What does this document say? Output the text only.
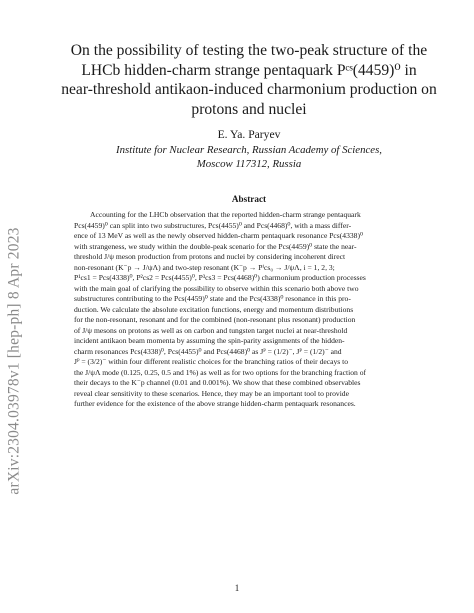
arXiv:2304.03978v1 [hep-ph] 8 Apr 2023
On the possibility of testing the two-peak structure of the
LHCb hidden-charm strange pentaquark Pᶜˢ(4459)⁰ in
near-threshold antikaon-induced charmonium production on
protons and nuclei
E. Ya. Paryev
Institute for Nuclear Research, Russian Academy of Sciences,
Moscow 117312, Russia
Abstract
Accounting for the LHCb observation that the reported hidden-charm strange pentaquark
Pcs(4459)⁰ can split into two substructures, Pcs(4455)⁰ and Pcs(4468)⁰, with a mass differ-
ence of 13 MeV as well as the newly observed hidden-charm pentaquark resonance Pcs(4338)⁰
with strangeness, we study within the double-peak scenario for the Pcs(4459)⁰ state the near-
threshold J/ψ meson production from protons and nuclei by considering incoherent direct
non-resonant (K⁻p → J/ψΛ) and two-step resonant (K⁻p → Pⁱcs₀ → J/ψΛ, i = 1, 2, 3;
P¹cs1 = Pcs(4338)⁰, P²cs2 = Pcs(4455)⁰, P³cs3 = Pcs(4468)⁰) charmonium production processes
with the main goal of clarifying the possibility to observe within this scenario both above two
substructures contributing to the Pcs(4459)⁰ state and the Pcs(4338)⁰ resonance in this pro-
duction. We calculate the absolute excitation functions, energy and momentum distributions
for the non-resonant, resonant and for the combined (non-resonant plus resonant) production
of J/ψ mesons on protons as well as on carbon and tungsten target nuclei at near-threshold
incident antikaon beam momenta by assuming the spin-parity assignments of the hidden-
charm resonances Pcs(4338)⁰, Pcs(4455)⁰ and Pcs(4468)⁰ as Jᴾ = (1/2)⁻, Jᴾ = (1/2)⁻ and
Jᴾ = (3/2)⁻ within four different realistic choices for the branching ratios of their decays to
the J/ψΛ mode (0.125, 0.25, 0.5 and 1%) as well as for two options for the branching fraction of
their decays to the K⁻p channel (0.01 and 0.001%). We show that these combined observables
reveal clear sensitivity to these scenarios. Hence, they may be an important tool to provide
further evidence for the existence of the above strange hidden-charm pentaquark resonances.
1
